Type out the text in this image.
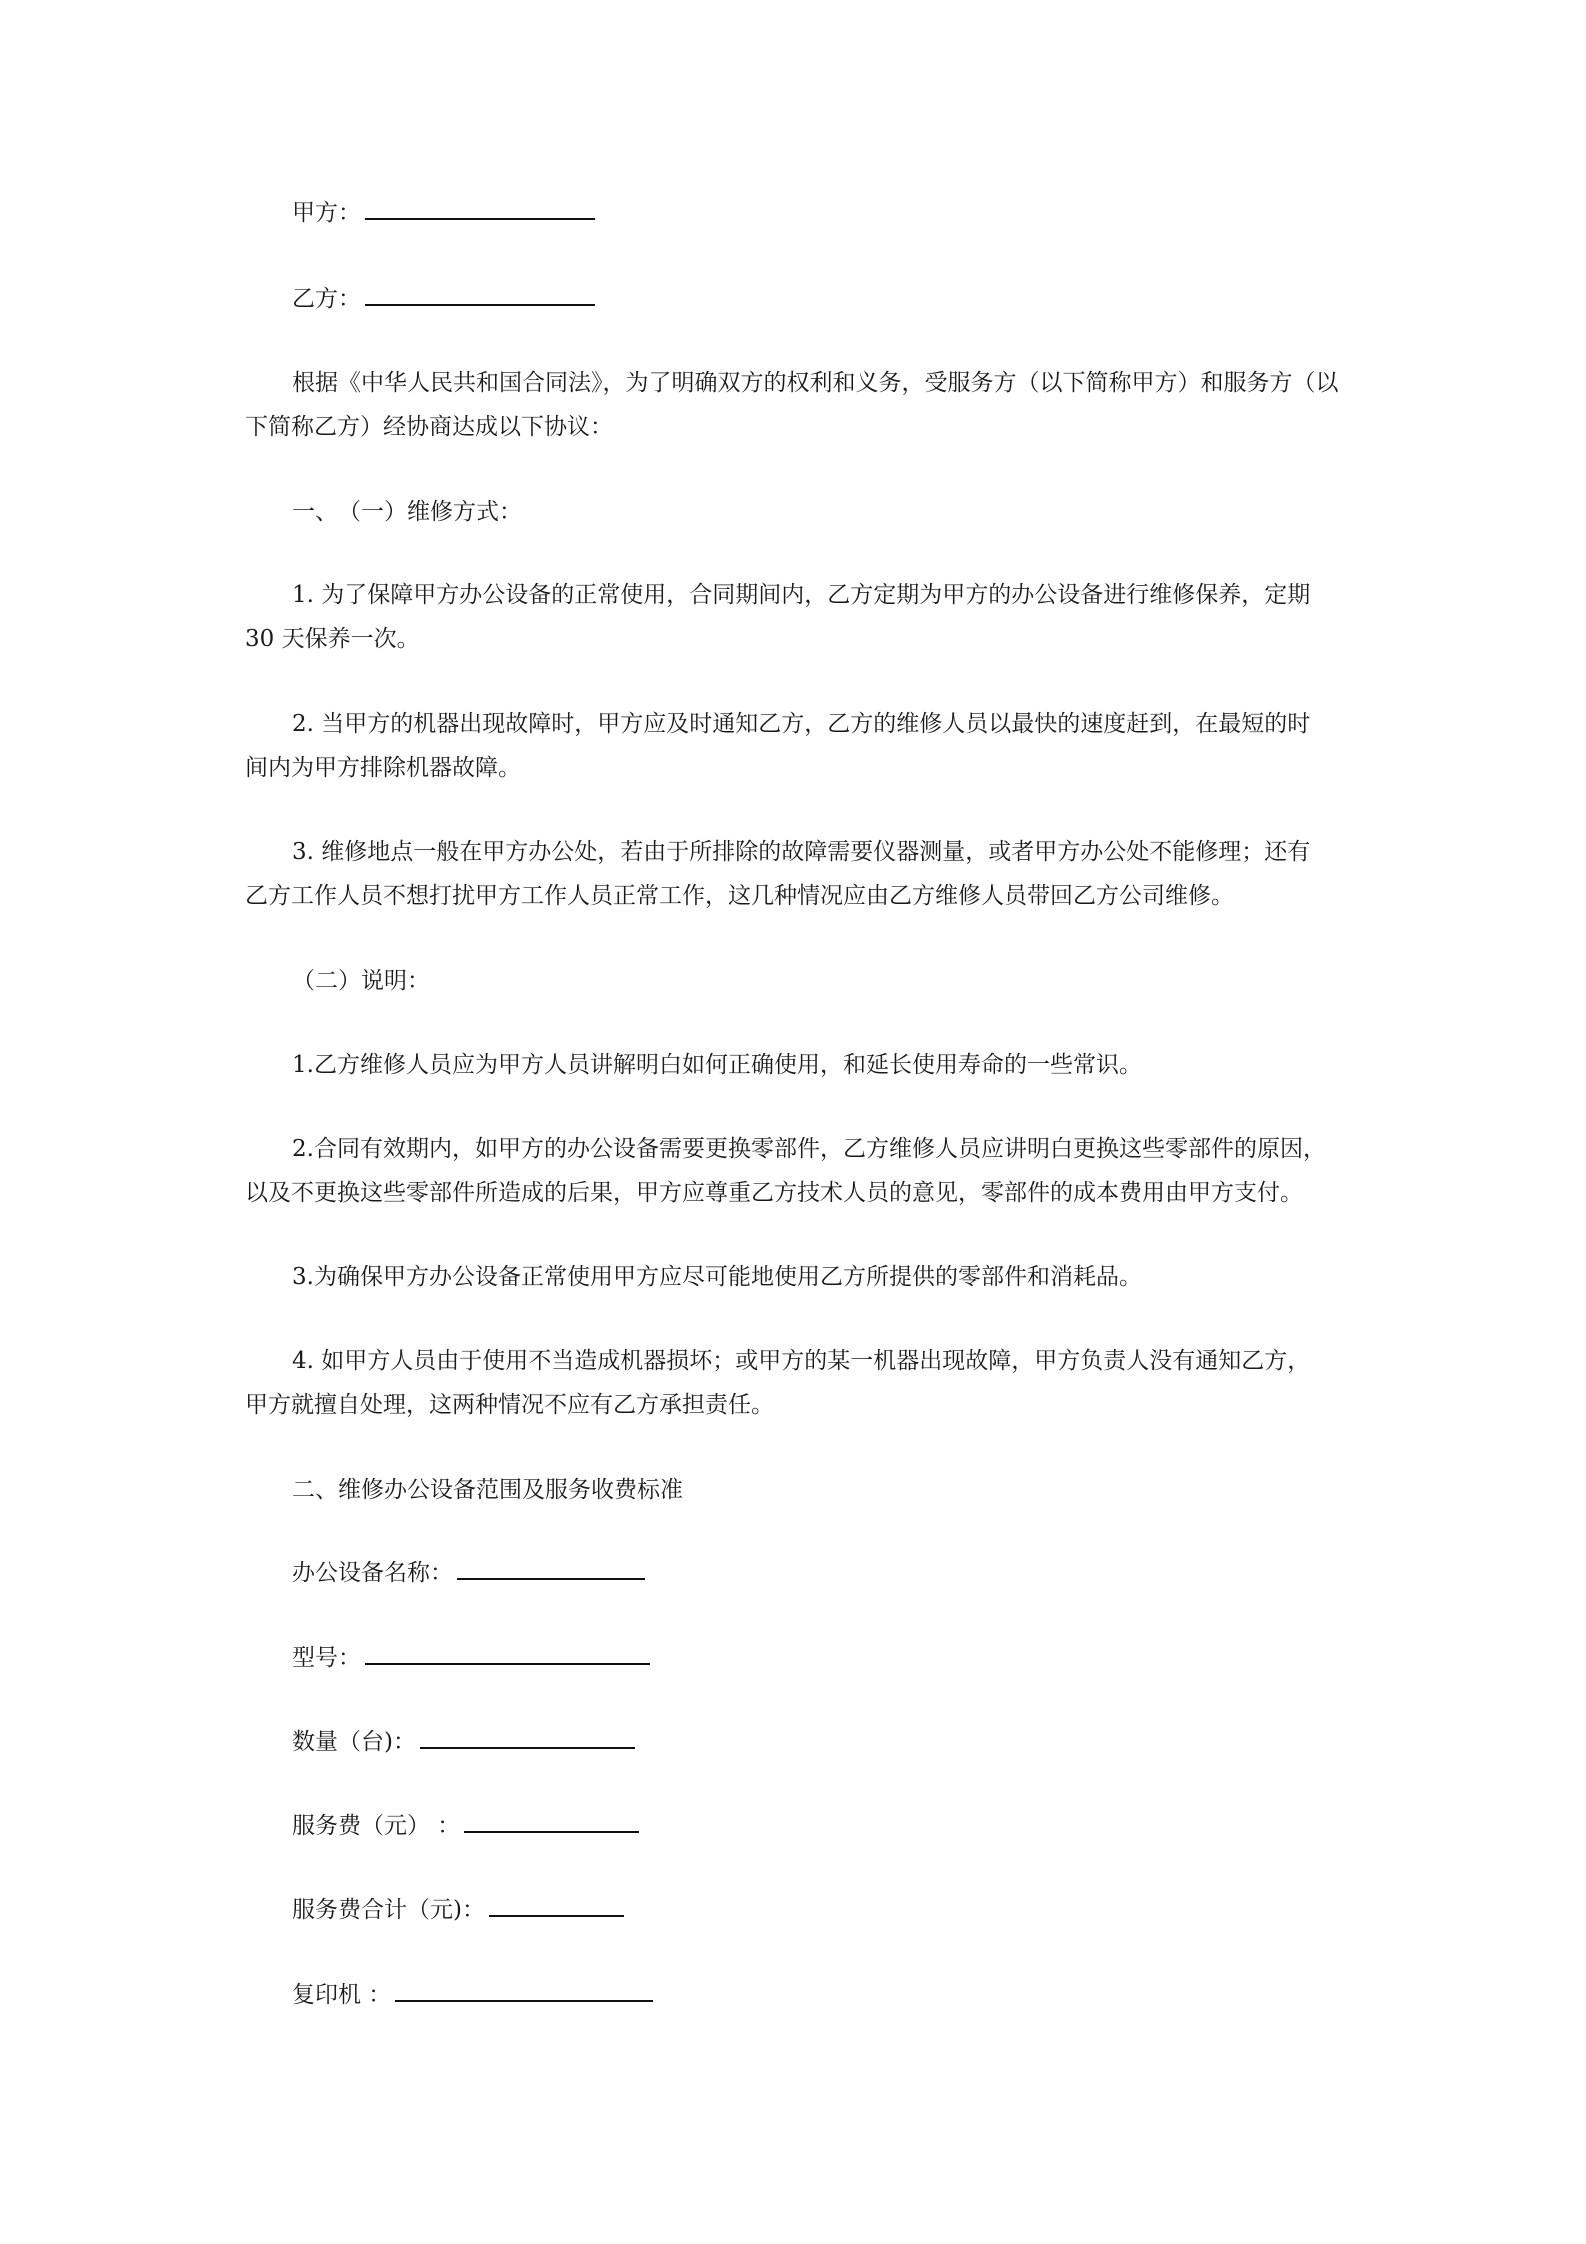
甲方：
乙方：
根据《中华人民共和国合同法》，为了明确双方的权利和义务，受服务方（以下简称甲方）和服务方（以
下简称乙方）经协商达成以下协议：
一、　（一）维修方式：
1. 为了保障甲方办公设备的正常使用，合同期间内，乙方定期为甲方的办公设备进行维修保养，定期
30 天保养一次。
2. 当甲方的机器出现故障时，甲方应及时通知乙方，乙方的维修人员以最快的速度赶到，在最短的时
间内为甲方排除机器故障。
3. 维修地点一般在甲方办公处，若由于所排除的故障需要仪器测量，或者甲方办公处不能修理；还有
乙方工作人员不想打扰甲方工作人员正常工作，这几种情况应由乙方维修人员带回乙方公司维修。
（二）说明：
1.乙方维修人员应为甲方人员讲解明白如何正确使用，和延长使用寿命的一些常识。
2.合同有效期内，如甲方的办公设备需要更换零部件，乙方维修人员应讲明白更换这些零部件的原因，
以及不更换这些零部件所造成的后果，甲方应尊重乙方技术人员的意见，零部件的成本费用由甲方支付。
3.为确保甲方办公设备正常使用甲方应尽可能地使用乙方所提供的零部件和消耗品。
4. 如甲方人员由于使用不当造成机器损坏；或甲方的某一机器出现故障，甲方负责人没有通知乙方，
甲方就擅自处理，这两种情况不应有乙方承担责任。
二、维修办公设备范围及服务收费标准
办公设备名称：
型号：
数量（台)：
服务费（元） ：
服务费合计（元)：
复印机 ：
